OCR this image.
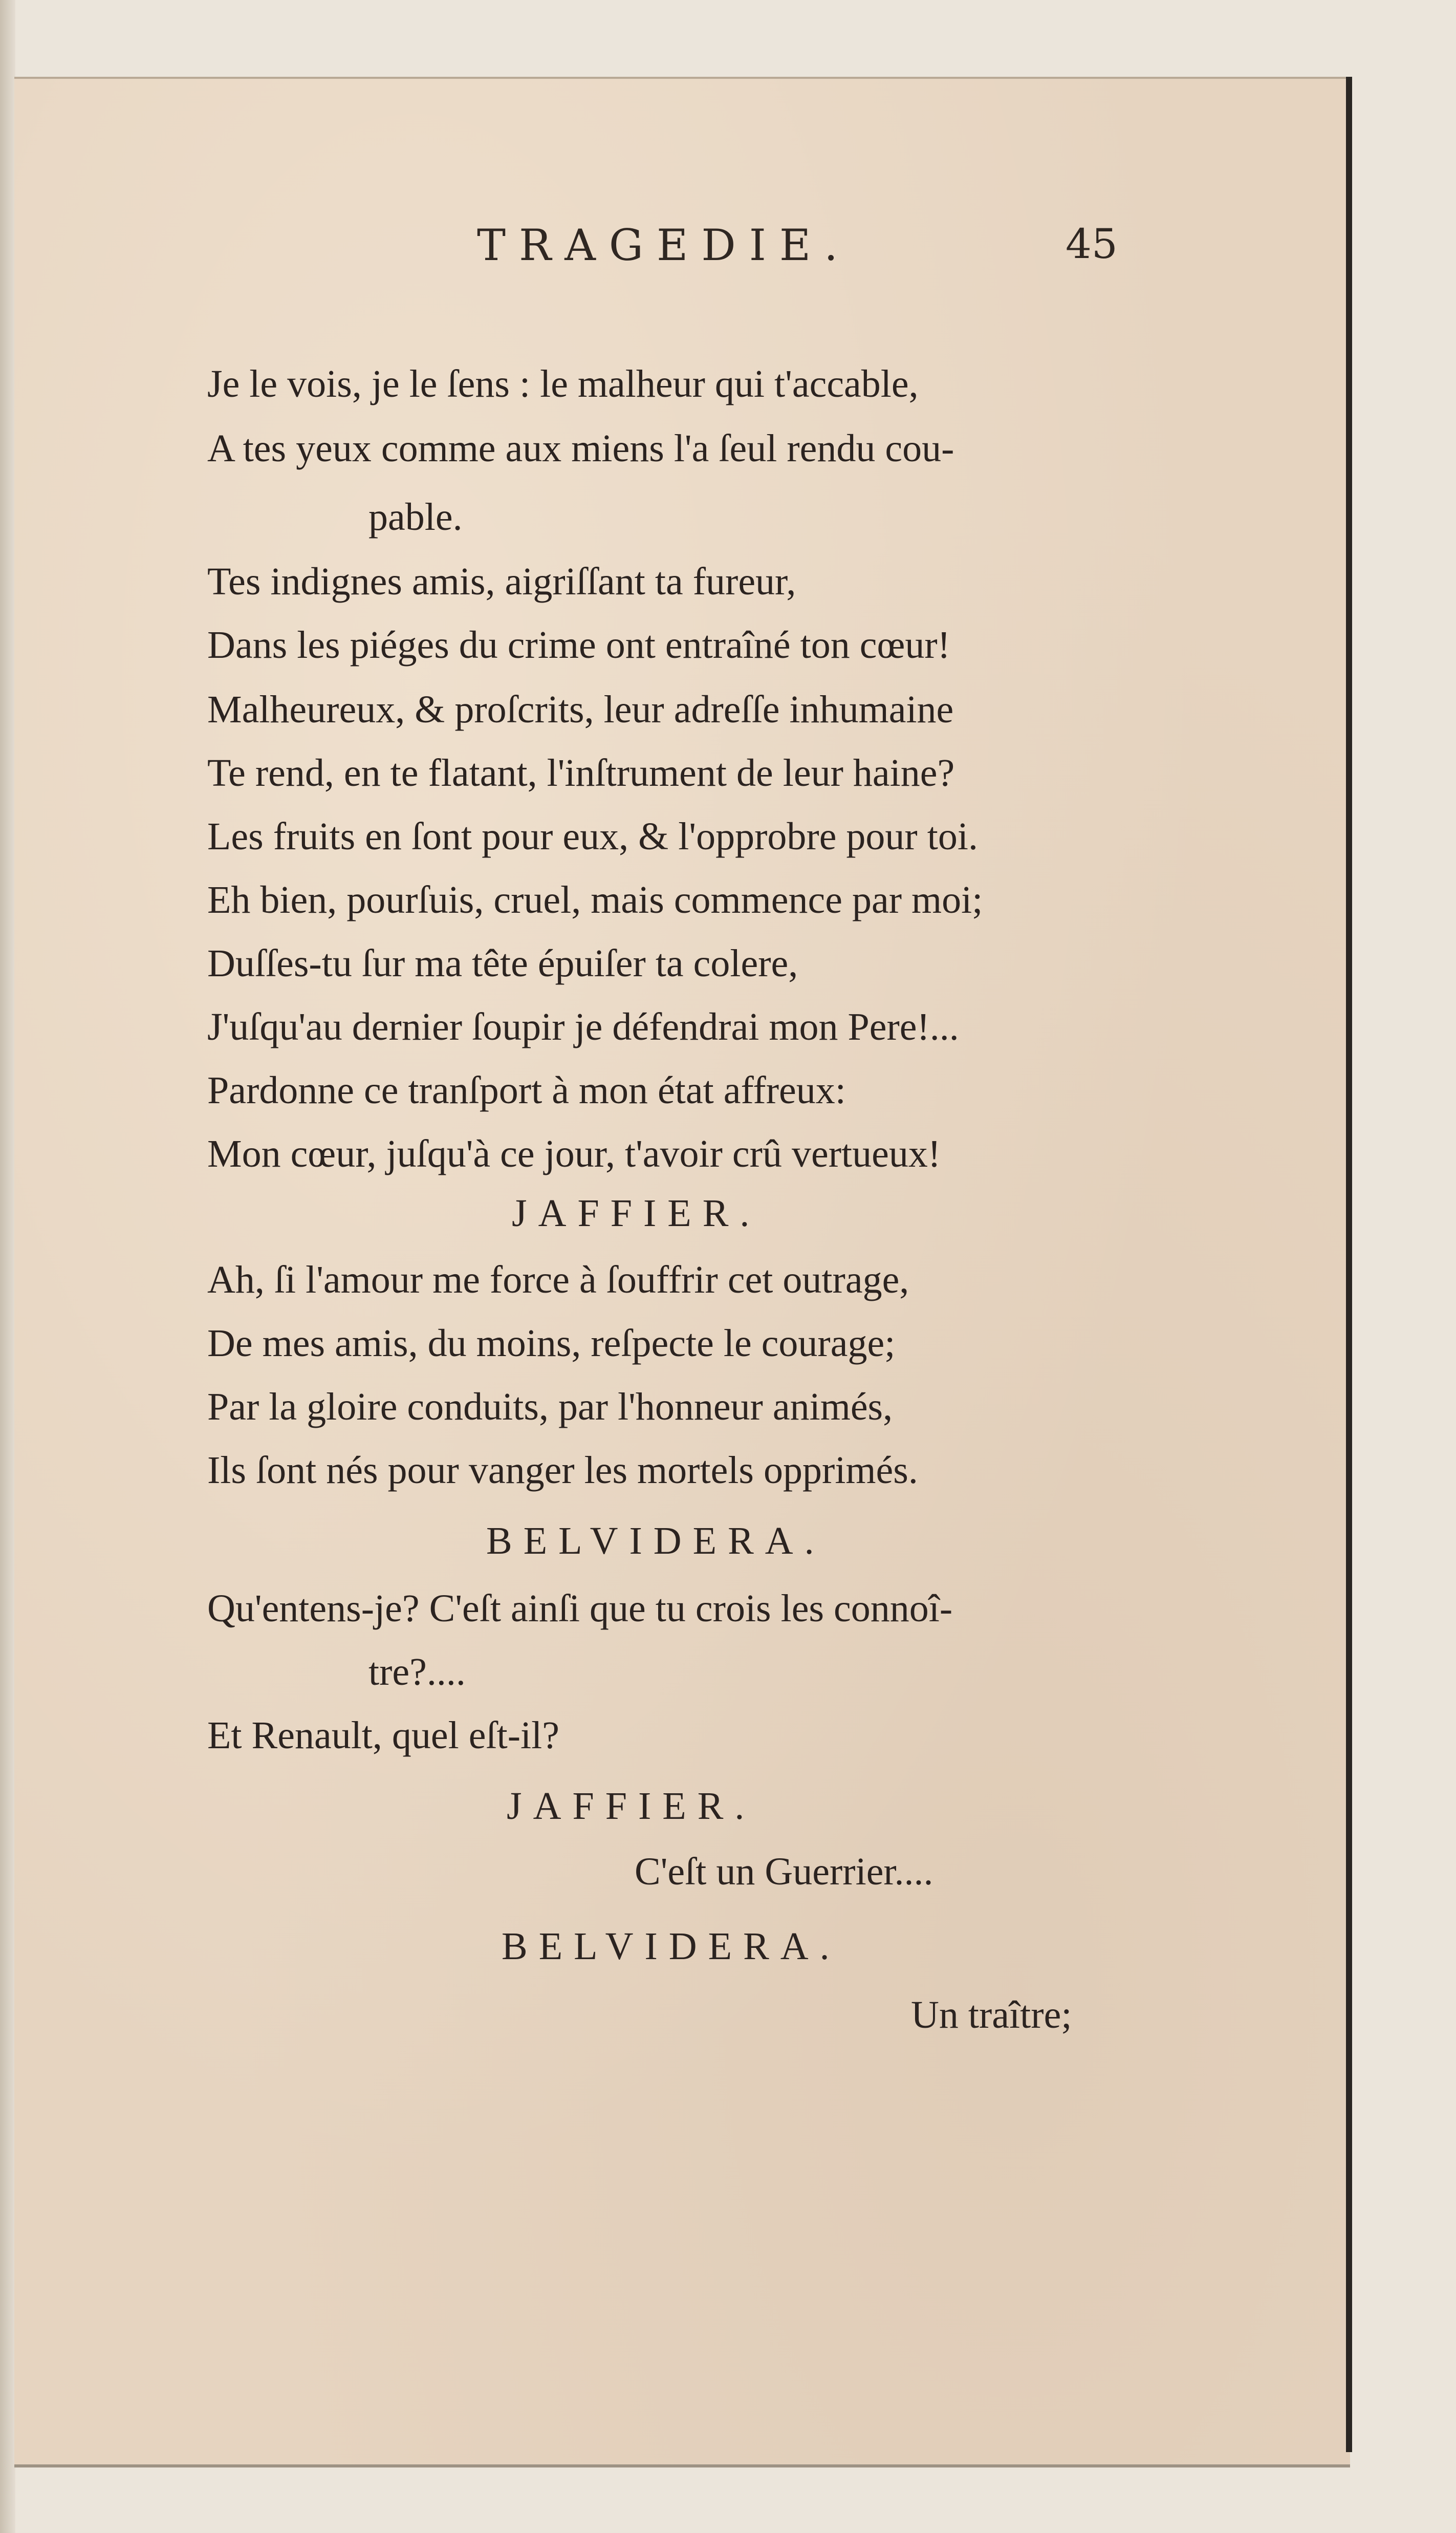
TRAGEDIE.	45
Je le vois, je le ſens : le malheur qui t'accable,
A tes yeux comme aux miens l'a ſeul rendu cou-
pable.
Tes indignes amis, aigriſſant ta fureur,
Dans les piéges du crime ont entraîné ton cœur!
Malheureux, & proſcrits, leur adreſſe inhumaine
Te rend, en te flatant, l'inſtrument de leur haine?
Les fruits en ſont pour eux, & l'opprobre pour toi.
Eh bien, pourſuis, cruel, mais commence par moi;
Duſſes-tu ſur ma tête épuiſer ta colere,
J'uſqu'au dernier ſoupir je défendrai mon Pere!...
Pardonne ce tranſport à mon état affreux:
Mon cœur, juſqu'à ce jour, t'avoir crû vertueux!
JAFFIER.
Ah, ſi l'amour me force à ſouffrir cet outrage,
De mes amis, du moins, reſpecte le courage;
Par la gloire conduits, par l'honneur animés,
Ils ſont nés pour vanger les mortels opprimés.
BELVIDERA.
Qu'entens-je? C'eſt ainſi que tu crois les connoî-
tre?....
Et Renault, quel eſt-il?
JAFFIER.
C'eſt un Guerrier....
BELVIDERA.
Un traître;
